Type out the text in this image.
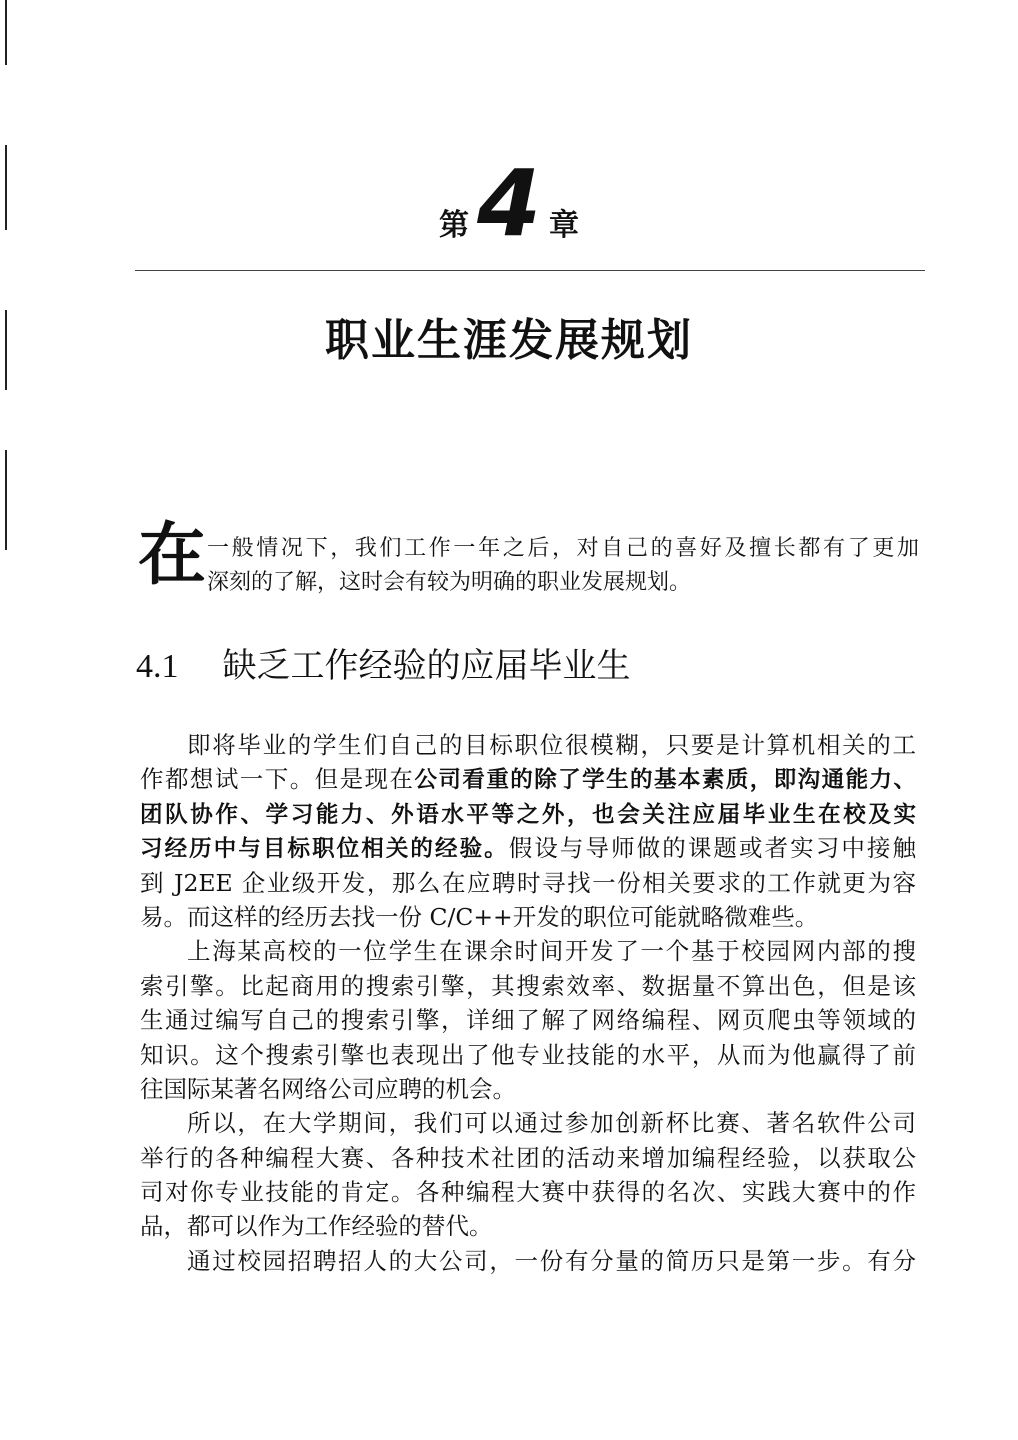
第4 章
职业生涯发展规划
在 一般情况下，我们工作一年之后，对自己的喜好及擅长都有了更加
深刻的了解，这时会有较为明确的职业发展规划。
4.1 缺乏工作经验的应届毕业生
即将毕业的学生们自己的目标职位很模糊，只要是计算机相关的工
作都想试一下。但是现在公司看重的除了学生的基本素质，即沟通能力、
团队协作、学习能力、外语水平等之外，也会关注应届毕业生在校及实
习经历中与目标职位相关的经验。假设与导师做的课题或者实习中接触
到 J2EE 企业级开发，那么在应聘时寻找一份相关要求的工作就更为容
易。而这样的经历去找一份 C/C++开发的职位可能就略微难些。
上海某高校的一位学生在课余时间开发了一个基于校园网内部的搜
索引擎。比起商用的搜索引擎，其搜索效率、数据量不算出色，但是该
生通过编写自己的搜索引擎，详细了解了网络编程、网页爬虫等领域的
知识。这个搜索引擎也表现出了他专业技能的水平，从而为他赢得了前
往国际某著名网络公司应聘的机会。
所以，在大学期间，我们可以通过参加创新杯比赛、著名软件公司
举行的各种编程大赛、各种技术社团的活动来增加编程经验，以获取公
司对你专业技能的肯定。各种编程大赛中获得的名次、实践大赛中的作
品，都可以作为工作经验的替代。
通过校园招聘招人的大公司，一份有分量的简历只是第一步。有分
